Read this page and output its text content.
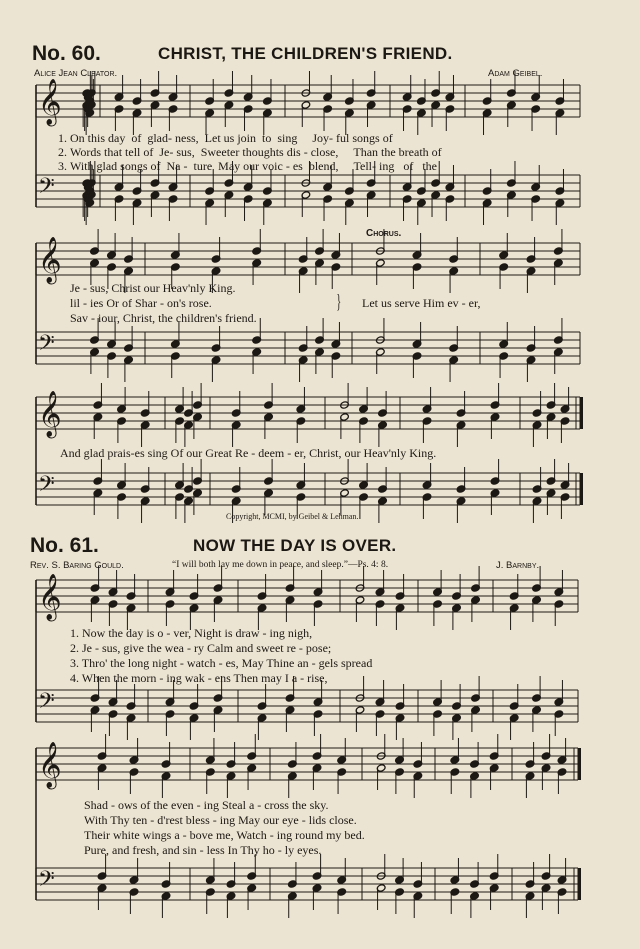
𝄞
𝄢
𝄞
𝄢
𝄞
𝄢
𝄞
𝄢
𝄞
𝄢
No. 60.	CHRIST, THE CHILDREN'S FRIEND.
Alice Jean Cleator.	Adam Geibel.
1. On this day of glad- ness, Let us join to sing Joy- ful songs of
2. Words that tell of Je- sus, Sweeter thoughts dis - close, Than the breath of
3. With glad songs of Na - ture May our voic - es blend, Tell- ing of the
Chorus.
Je - sus, Christ our Heav'nly King.
lil - ies Or of Shar - on's rose.
Sav - iour, Christ, the children's friend.
} Let us serve Him ev - er,
And glad prais-es sing Of our Great Re - deem - er, Christ, our Heav'nly King.
Copyright, MCMI, by Geibel & Lehman.
No. 61.	NOW THE DAY IS OVER.
Rev. S. Baring Gould.	“I will both lay me down in peace, and sleep.”—Ps. 4: 8.	J. Barnby.
1. Now the day is o - ver, Night is draw - ing nigh,
2. Je - sus, give the wea - ry Calm and sweet re - pose;
3. Thro' the long night - watch - es, May Thine an - gels spread
4. When the morn - ing wak - ens Then may I a - rise,
Shad - ows of the even - ing Steal a - cross the sky.
With Thy ten - d'rest bless - ing May our eye - lids close.
Their white wings a - bove me, Watch - ing round my bed.
Pure, and fresh, and sin - less In Thy ho - ly eyes.
